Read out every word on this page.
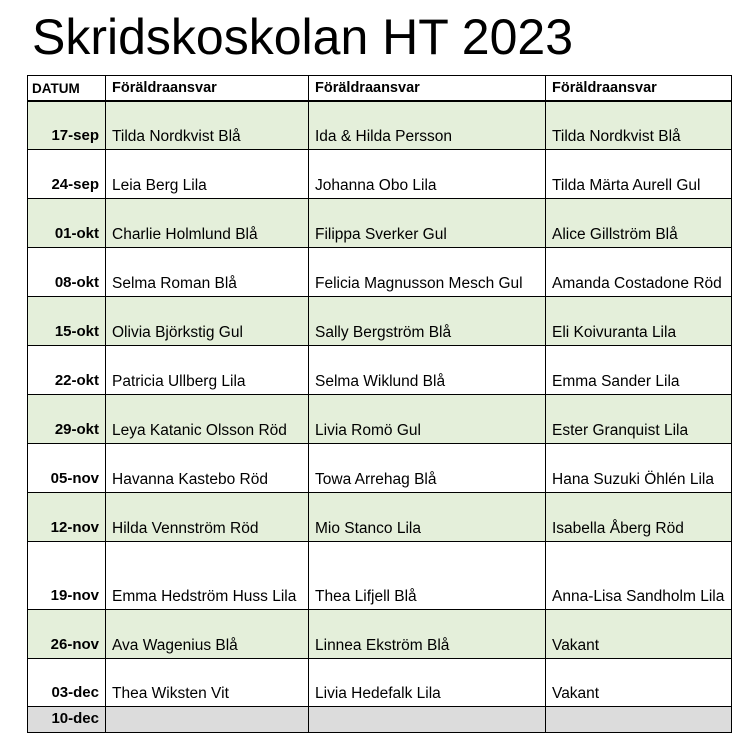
Skridskoskolan HT 2023
DATUM	Föräldraansvar	Föräldraansvar	Föräldraansvar
17-sep	Tilda Nordkvist Blå	Ida & Hilda Persson	Tilda Nordkvist Blå
24-sep	Leia Berg Lila	Johanna Obo Lila	Tilda Märta Aurell Gul
01-okt	Charlie Holmlund Blå	Filippa Sverker Gul	Alice Gillström Blå
08-okt	Selma Roman Blå	Felicia Magnusson Mesch Gul	Amanda Costadone Röd
15-okt	Olivia Björkstig Gul	Sally Bergström Blå	Eli Koivuranta Lila
22-okt	Patricia Ullberg Lila	Selma Wiklund Blå	Emma Sander Lila
29-okt	Leya Katanic Olsson Röd	Livia Romö Gul	Ester Granquist Lila
05-nov	Havanna Kastebo Röd	Towa Arrehag Blå	Hana Suzuki Öhlén Lila
12-nov	Hilda Vennström Röd	Mio Stanco Lila	Isabella Åberg Röd
19-nov	Emma Hedström Huss Lila	Thea Lifjell Blå	Anna-Lisa Sandholm Lila
26-nov	Ava Wagenius Blå	Linnea Ekström Blå	Vakant
03-dec	Thea Wiksten Vit	Livia Hedefalk Lila	Vakant
10-dec			
